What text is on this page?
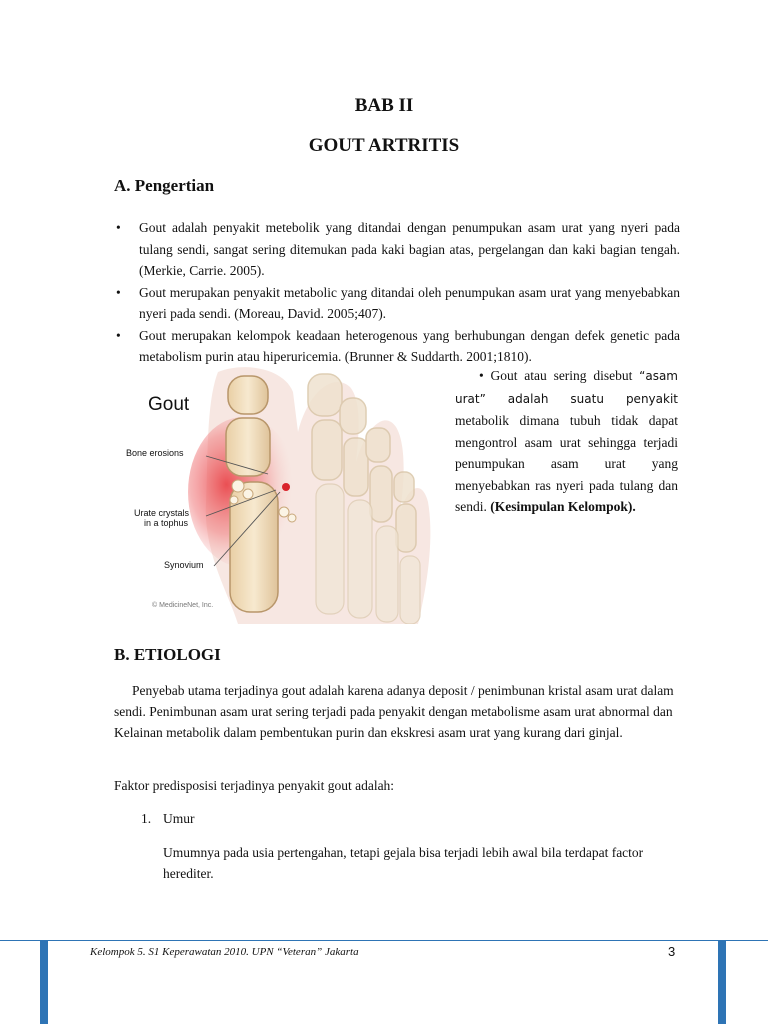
BAB II
GOUT ARTRITIS
A. Pengertian
• Gout adalah penyakit metebolik yang ditandai dengan penumpukan asam urat yang nyeri pada tulang sendi, sangat sering ditemukan pada kaki bagian atas, pergelangan dan kaki bagian tengah. (Merkie, Carrie. 2005).
• Gout merupakan penyakit metabolic yang ditandai oleh penumpukan asam urat yang menyebabkan nyeri pada sendi. (Moreau, David. 2005;407).
• Gout merupakan kelompok keadaan heterogenous yang berhubungan dengan defek genetic pada metabolism purin atau hiperuricemia. (Brunner & Suddarth. 2001;1810).
Gout
Bone erosions
Urate crystals
in a tophus
Synovium
© MedicineNet, Inc.
• Gout atau sering disebut “asam urat” adalah suatu penyakit metabolik dimana tubuh tidak dapat mengontrol asam urat sehingga terjadi penumpukan asam urat yang menyebabkan ras nyeri pada tulang dan sendi. (Kesimpulan Kelompok).
B. ETIOLOGI
Penyebab utama terjadinya gout adalah karena adanya deposit / penimbunan kristal asam urat dalam sendi. Penimbunan asam urat sering terjadi pada penyakit dengan metabolisme asam urat abnormal dan Kelainan metabolik dalam pembentukan purin dan ekskresi asam urat yang kurang dari ginjal.
Faktor predisposisi terjadinya penyakit gout adalah:
1. Umur
Umumnya pada usia pertengahan, tetapi gejala bisa terjadi lebih awal bila terdapat factor herediter.
Kelompok 5. S1 Keperawatan 2010. UPN “Veteran” Jakarta	3
